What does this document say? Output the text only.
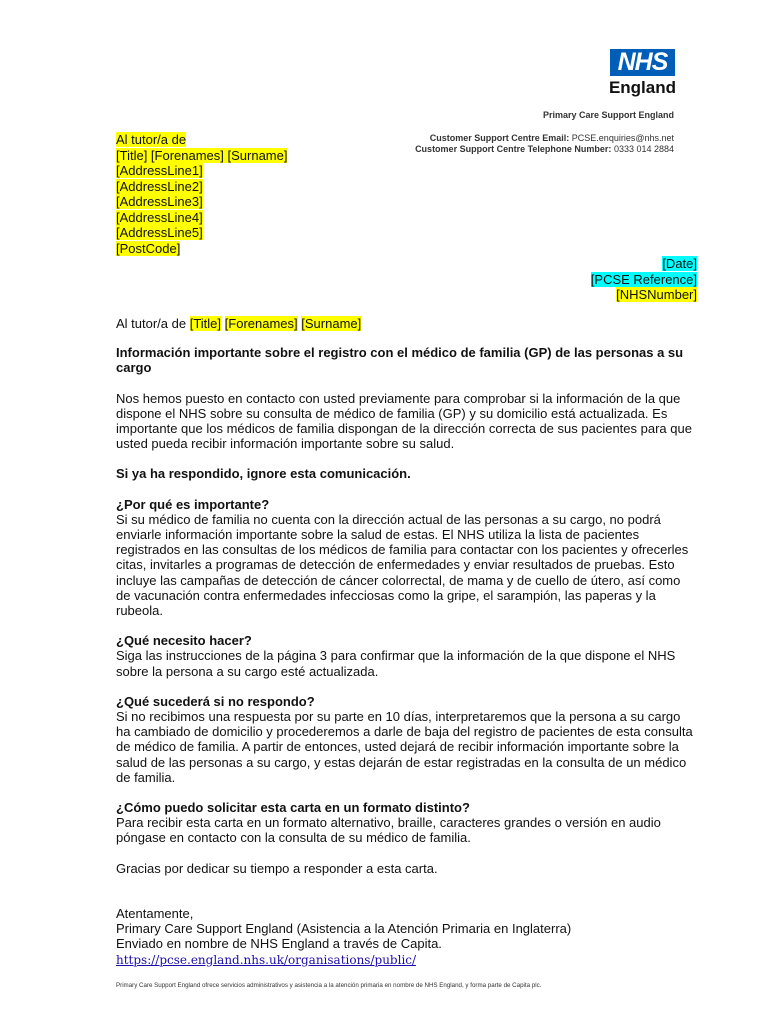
NHS
England
Primary Care Support England
Customer Support Centre Email: PCSE.enquiries@nhs.net
Customer Support Centre Telephone Number: 0333 014 2884
Al tutor/a de
[Title] [Forenames] [Surname]
[AddressLine1]
[AddressLine2]
[AddressLine3]
[AddressLine4]
[AddressLine5]
[PostCode]
[Date]
[PCSE Reference]
[NHSNumber]

Al tutor/a de [Title] [Forenames] [Surname]

Información importante sobre el registro con el médico de familia (GP) de las personas a su cargo

Nos hemos puesto en contacto con usted previamente para comprobar si la información de la que dispone el NHS sobre su consulta de médico de familia (GP) y su domicilio está actualizada. Es importante que los médicos de familia dispongan de la dirección correcta de sus pacientes para que usted pueda recibir información importante sobre su salud.

Si ya ha respondido, ignore esta comunicación.

¿Por qué es importante?

Si su médico de familia no cuenta con la dirección actual de las personas a su cargo, no podrá enviarle información importante sobre la salud de estas. El NHS utiliza la lista de pacientes registrados en las consultas de los médicos de familia para contactar con los pacientes y ofrecerles citas, invitarles a programas de detección de enfermedades y enviar resultados de pruebas. Esto incluye las campañas de detección de cáncer colorrectal, de mama y de cuello de útero, así como de vacunación contra enfermedades infecciosas como la gripe, el sarampión, las paperas y la rubeola.

¿Qué necesito hacer?

Siga las instrucciones de la página 3 para confirmar que la información de la que dispone el NHS sobre la persona a su cargo esté actualizada.

¿Qué sucederá si no respondo?

Si no recibimos una respuesta por su parte en 10 días, interpretaremos que la persona a su cargo ha cambiado de domicilio y procederemos a darle de baja del registro de pacientes de esta consulta de médico de familia. A partir de entonces, usted dejará de recibir información importante sobre la salud de las personas a su cargo, y estas dejarán de estar registradas en la consulta de un médico de familia.

¿Cómo puedo solicitar esta carta en un formato distinto?

Para recibir esta carta en un formato alternativo, braille, caracteres grandes o versión en audio póngase en contacto con la consulta de su médico de familia.

Gracias por dedicar su tiempo a responder a esta carta.

Atentamente,

Primary Care Support England (Asistencia a la Atención Primaria en Inglaterra)

Enviado en nombre de NHS England a través de Capita.

https://pcse.england.nhs.uk/organisations/public/

Primary Care Support England ofrece servicios administrativos y asistencia a la atención primaria en nombre de NHS England, y forma parte de Capita plc.
